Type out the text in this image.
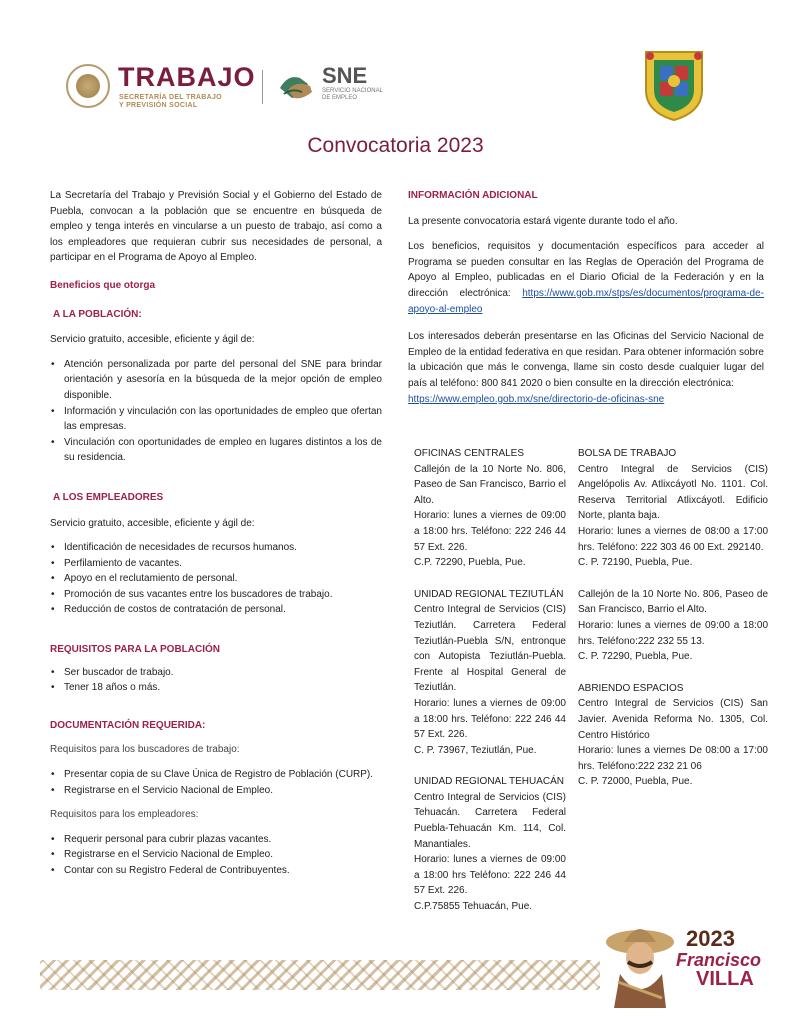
TRABAJO
SECRETARÍA DEL TRABAJO
Y PREVISIÓN SOCIAL
SNE
SERVICIO NACIONAL
DE EMPLEO
Convocatoria 2023

La Secretaría del Trabajo y Previsión Social y el Gobierno del Estado de Puebla, convocan a la población que se encuentre en búsqueda de empleo y tenga interés en vincularse a un puesto de trabajo, así como a los empleadores que requieran cubrir sus necesidades de personal, a participar en el Programa de Apoyo al Empleo.

Beneficios que otorga

A LA POBLACIÓN:

Servicio gratuito, accesible, eficiente y ágil de:

• Atención personalizada por parte del personal del SNE para brindar orientación y asesoría en la búsqueda de la mejor opción de empleo disponible.
• Información y vinculación con las oportunidades de empleo que ofertan las empresas.
• Vinculación con oportunidades de empleo en lugares distintos a los de su residencia.

A LOS EMPLEADORES

Servicio gratuito, accesible, eficiente y ágil de:

• Identificación de necesidades de recursos humanos.
• Perfilamiento de vacantes.
• Apoyo en el reclutamiento de personal.
• Promoción de sus vacantes entre los buscadores de trabajo.
• Reducción de costos de contratación de personal.

REQUISITOS PARA LA POBLACIÓN

• Ser buscador de trabajo.
• Tener 18 años o más.

DOCUMENTACIÓN REQUERIDA:

Requisitos para los buscadores de trabajo:

• Presentar copia de su Clave Única de Registro de Población (CURP).
• Registrarse en el Servicio Nacional de Empleo.

Requisitos para los empleadores:

• Requerir personal para cubrir plazas vacantes.
• Registrarse en el Servicio Nacional de Empleo.
• Contar con su Registro Federal de Contribuyentes.

INFORMACIÓN ADICIONAL

La presente convocatoria estará vigente durante todo el año.

Los beneficios, requisitos y documentación específicos para acceder al Programa se pueden consultar en las Reglas de Operación del Programa de Apoyo al Empleo, publicadas en el Diario Oficial de la Federación y en la dirección electrónica: https://www.gob.mx/stps/es/documentos/programa-de-apoyo-al-empleo

Los interesados deberán presentarse en las Oficinas del Servicio Nacional de Empleo de la entidad federativa en que residan. Para obtener información sobre la ubicación que más le convenga, llame sin costo desde cualquier lugar del país al teléfono: 800 841 2020 o bien consulte en la dirección electrónica:

https://www.empleo.gob.mx/sne/directorio-de-oficinas-sne

OFICINAS CENTRALES

Callejón de la 10 Norte No. 806, Paseo de San Francisco, Barrio el Alto.

Horario: lunes a viernes de 09:00 a 18:00 hrs. Teléfono: 222 246 44 57 Ext. 226.

C.P. 72290, Puebla, Pue.

UNIDAD REGIONAL TEZIUTLÁN

Centro Integral de Servicios (CIS) Teziutlán. Carretera Federal Teziutlán-Puebla S/N, entronque con Autopista Teziutlán-Puebla. Frente al Hospital General de Teziutlán.

Horario: lunes a viernes de 09:00 a 18:00 hrs. Teléfono: 222 246 44 57 Ext. 226.

C. P. 73967, Teziutlán, Pue.

UNIDAD REGIONAL TEHUACÁN

Centro Integral de Servicios (CIS) Tehuacán. Carretera Federal Puebla-Tehuacán Km. 114, Col. Manantiales.

Horario: lunes a viernes de 09:00 a 18:00 hrs Teléfono: 222 246 44 57 Ext. 226.

C.P.75855 Tehuacán, Pue.

BOLSA DE TRABAJO

Centro Integral de Servicios (CIS) Angelópolis Av. Atlixcáyotl No. 1101. Col. Reserva Territorial Atlixcáyotl. Edificio Norte, planta baja.

Horario: lunes a viernes de 08:00 a 17:00 hrs. Teléfono: 222 303 46 00 Ext. 292140.

C. P. 72190, Puebla, Pue.

Callejón de la 10 Norte No. 806, Paseo de San Francisco, Barrio el Alto.

Horario: lunes a viernes de 09:00 a 18:00 hrs. Teléfono:222 232 55 13.

C. P. 72290, Puebla, Pue.

ABRIENDO ESPACIOS

Centro Integral de Servicios (CIS) San Javier. Avenida Reforma No. 1305, Col. Centro Histórico

Horario: lunes a viernes De 08:00 a 17:00 hrs. Teléfono:222 232 21 06

C. P. 72000, Puebla, Pue.

2023
Francisco
VILLA
